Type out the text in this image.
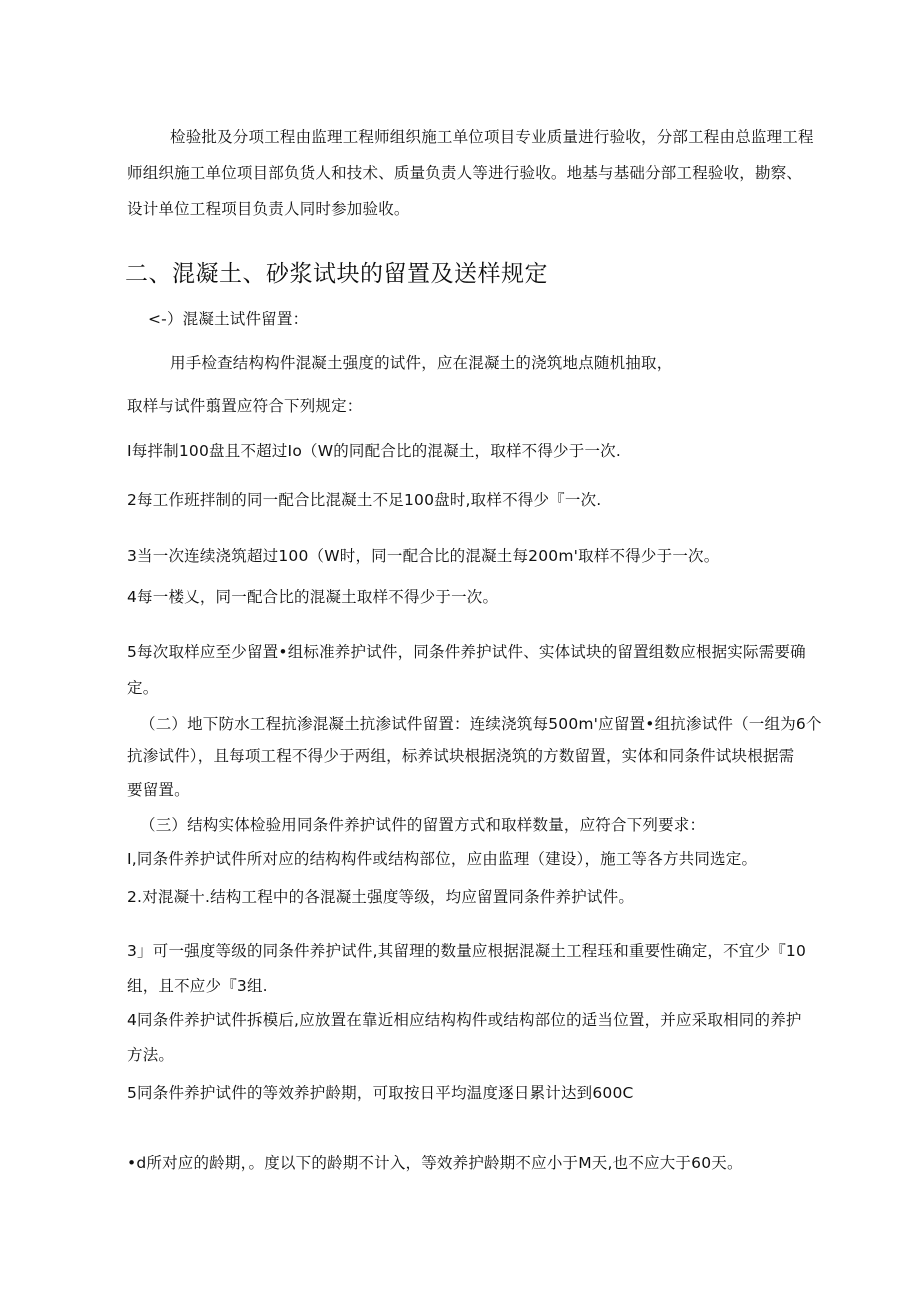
检验批及分项工程由监理工程师组织施工单位项目专业质量进行验收，分部工程由总监理工程
师组织施工单位项目部负货人和技术、质量负责人等进行验收。地基与基础分部工程验收，勘察、
设计单位工程项目负责人同时参加验收。
二、混凝土、砂浆试块的留置及送样规定
<-）混凝土试件留置：
用手检查结构构件混凝土强度的试件，应在混凝土的浇筑地点随机抽取，
取样与试件翦置应符合下列规定：
I每拌制100盘且不超过Io（W的同配合比的混凝土，取样不得少于一次.
2每工作班拌制的同一配合比混凝土不足100盘时,取样不得少『一次.
3当一次连续浇筑超过100（W时，同一配合比的混凝土每200m'取样不得少于一次。
4每一楼乂，同一配合比的混凝土取样不得少于一次。
5每次取样应至少留置•组标准养护试件，同条件养护试件、实体试块的留置组数应根据实际需要确
定。
（二）地下防水工程抗渗混凝土抗渗试件留置：连续浇筑每500m'应留置•组抗渗试件（一组为6个
抗渗试件），且每项工程不得少于两组，标养试块根据浇筑的方数留置，实体和同条件试块根据需
要留置。
（三）结构实体检验用同条件养护试件的留置方式和取样数量，应符合下列要求：
I,同条件养护试件所对应的结构构件或结构部位，应由监理（建设），施工等各方共同选定。
2.对混凝十.结构工程中的各混凝土强度等级，均应留置同条件养护试件。
3」可一强度等级的同条件养护试件,其留理的数量应根据混凝土工程珏和重要性确定，不宜少『10
组，且不应少『3组.
4同条件养护试件拆模后,应放置在靠近相应结构构件或结构部位的适当位置，并应采取相同的养护
方法。
5同条件养护试件的等效养护龄期，可取按日平均温度逐日累计达到600C
•d所对应的龄期，。度以下的龄期不计入，等效养护龄期不应小于M天,也不应大于60天。
